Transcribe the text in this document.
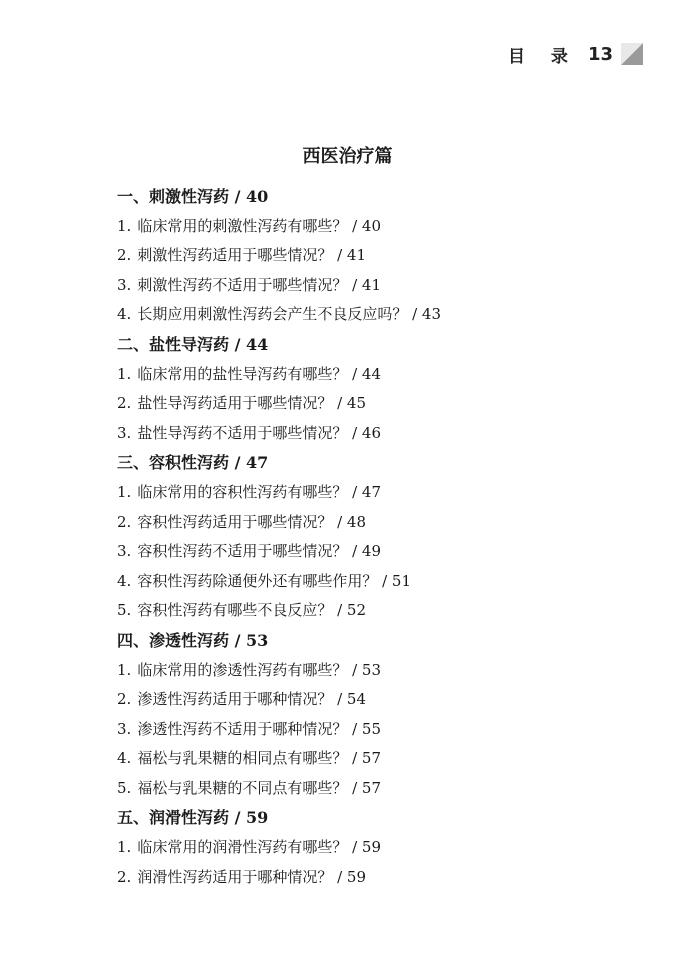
目 录 13
西医治疗篇
一、刺激性泻药 / 40
1. 临床常用的刺激性泻药有哪些？ / 40
2. 刺激性泻药适用于哪些情况？ / 41
3. 刺激性泻药不适用于哪些情况？ / 41
4. 长期应用刺激性泻药会产生不良反应吗？ / 43
二、盐性导泻药 / 44
1. 临床常用的盐性导泻药有哪些？ / 44
2. 盐性导泻药适用于哪些情况？ / 45
3. 盐性导泻药不适用于哪些情况？ / 46
三、容积性泻药 / 47
1. 临床常用的容积性泻药有哪些？ / 47
2. 容积性泻药适用于哪些情况？ / 48
3. 容积性泻药不适用于哪些情况？ / 49
4. 容积性泻药除通便外还有哪些作用？ / 51
5. 容积性泻药有哪些不良反应？ / 52
四、渗透性泻药 / 53
1. 临床常用的渗透性泻药有哪些？ / 53
2. 渗透性泻药适用于哪种情况？ / 54
3. 渗透性泻药不适用于哪种情况？ / 55
4. 福松与乳果糖的相同点有哪些？ / 57
5. 福松与乳果糖的不同点有哪些？ / 57
五、润滑性泻药 / 59
1. 临床常用的润滑性泻药有哪些？ / 59
2. 润滑性泻药适用于哪种情况？ / 59
